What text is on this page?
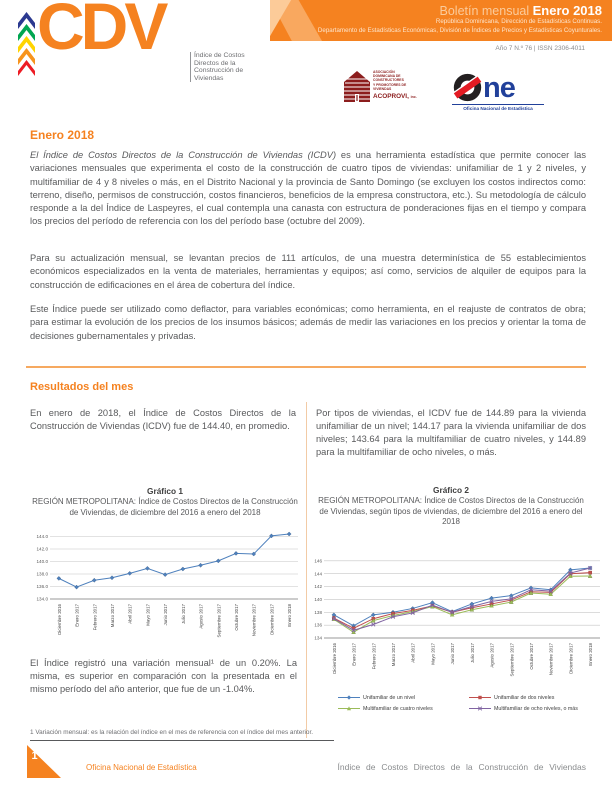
CDV	Índice de Costos
Directos de la
Construcción de
Viviendas
Boletín mensual Enero 2018
República Dominicana, Dirección de Estadísticas Continuas.
Departamento de Estadísticas Económicas, División de Índices de Precios y Estadísticas Coyunturales.
Año 7 N.º 76 | ISSN 2306-4011
ASOCIACIÓN
DOMINICANA DE
CONSTRUCTORES
Y PROMOTORES DE
VIVIENDAS
ACOPROVI, inc. ne
Oficina Nacional de Estadística
Enero 2018
El Índice de Costos Directos de la Construcción de Viviendas (ICDV) es una herramienta estadística que permite conocer las variaciones mensuales que experimenta el costo de la construcción de cuatro tipos de viviendas: unifamiliar de 1 y 2 niveles, y multifamiliar de 4 y 8 niveles o más, en el Distrito Nacional y la provincia de Santo Domingo (se excluyen los costos indirectos como: terreno, diseño, permisos de construcción, costos financieros, beneficios de la empresa constructora, etc.). Su metodología de cálculo responde a la del Índice de Laspeyres, el cual contempla una canasta con estructura de ponderaciones fijas en el tiempo y compara los precios del período de referencia con los del período base (octubre del 2009).
Para su actualización mensual, se levantan precios de 111 artículos, de una muestra determinística de 55 establecimientos económicos especializados en la venta de materiales, herramientas y equipos; así como, servicios de alquiler de equipos para la construcción de edificaciones en el área de cobertura del índice.
Este Índice puede ser utilizado como deflactor, para variables económicas; como herramienta, en el reajuste de contratos de obra; para estimar la evolución de los precios de los insumos básicos; además de medir las variaciones en los precios y orientar la toma de decisiones gubernamentales y privadas.
Resultados del mes
En enero de 2018, el Índice de Costos Directos de la Construcción de Viviendas (ICDV) fue de 144.40, en promedio.
Por tipos de viviendas, el ICDV fue de 144.89 para la vivienda unifamiliar de un nivel; 144.17 para la vivienda unifamiliar de dos niveles; 143.64 para la multifamiliar de cuatro niveles, y 144.89 para la multifamiliar de ocho niveles, o más.
Gráfico 1
REGIÓN METROPOLITANA: Índice de Costos Directos de la Construcción de Viviendas, de diciembre del 2016 a enero del 2018
134.0
136.0
138.0
140.0
142.0
144.0
Diciembre 2016	Enero 2017	Febrero 2017	Marzo 2017	Abril 2017	Mayo 2017	Junio 2017	Julio 2017	Agosto 2017	Septiembre 2017	Octubre 2017	Noviembre 2017	Diciembre 2017	Enero 2018
Gráfico 2
REGIÓN METROPOLITANA: Índice de Costos Directos de la Construcción de Viviendas, según tipos de viviendas, de diciembre del 2016 a enero del 2018
134
136
138
140
142
144
146
Diciembre 2016	Enero 2017	Febrero 2017	Marzo 2017	Abril 2017	Mayo 2017	Junio 2017	Julio 2017	Agosto 2017	Septiembre 2017	Octubre 2017	Noviembre 2017	Diciembre 2017	Enero 2018
Unifamiliar de un nivel	Unifamiliar de dos niveles
Multifamiliar de cuatro niveles	Multifamiliar de ocho niveles, o más
El Índice registró una variación mensual¹ de un 0.20%. La misma, es superior en comparación con la presentada en el mismo período del año anterior, que fue de un -1.04%.
1 Variación mensual: es la relación del índice en el mes de referencia con el índice del mes anterior.
1
Oficina Nacional de Estadística	Índice de Costos Directos de la Construcción de Viviendas
